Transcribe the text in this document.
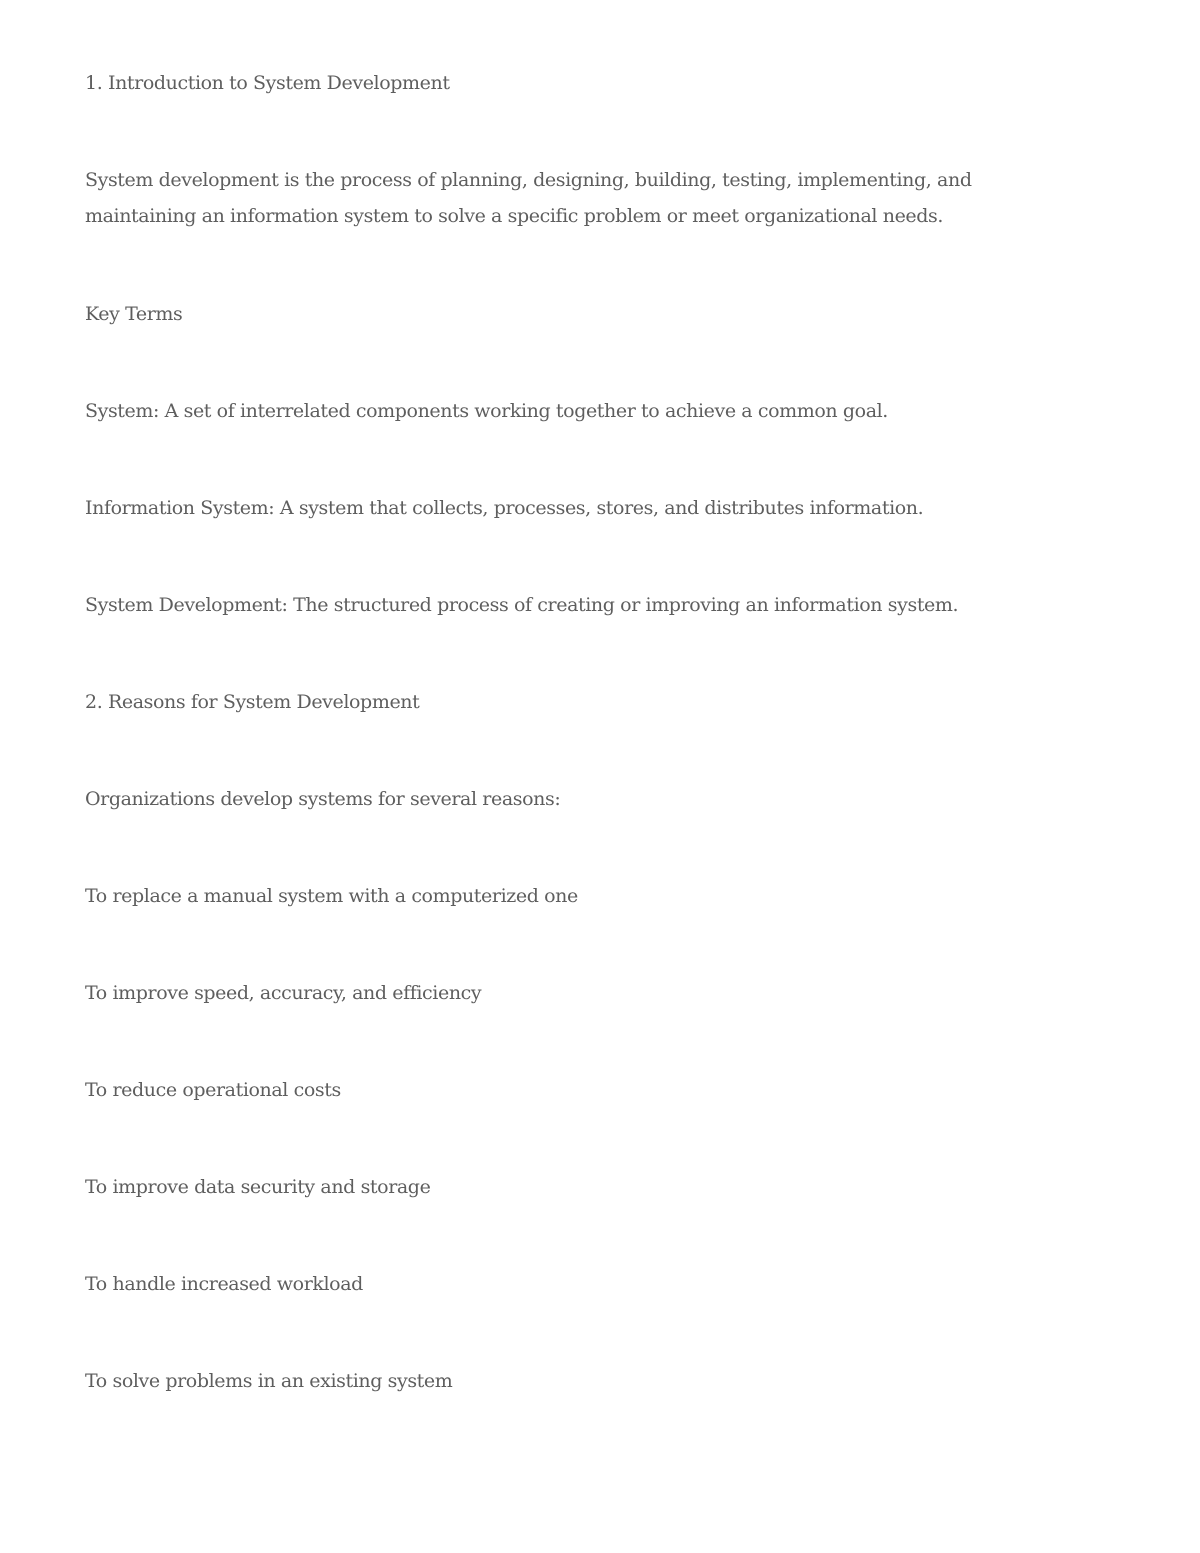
1. Introduction to System Development

System development is the process of planning, designing, building, testing, implementing, and maintaining an information system to solve a specific problem or meet organizational needs.

Key Terms

System: A set of interrelated components working together to achieve a common goal.

Information System: A system that collects, processes, stores, and distributes information.

System Development: The structured process of creating or improving an information system.

2. Reasons for System Development

Organizations develop systems for several reasons:

To replace a manual system with a computerized one

To improve speed, accuracy, and efficiency

To reduce operational costs

To improve data security and storage

To handle increased workload

To solve problems in an existing system
